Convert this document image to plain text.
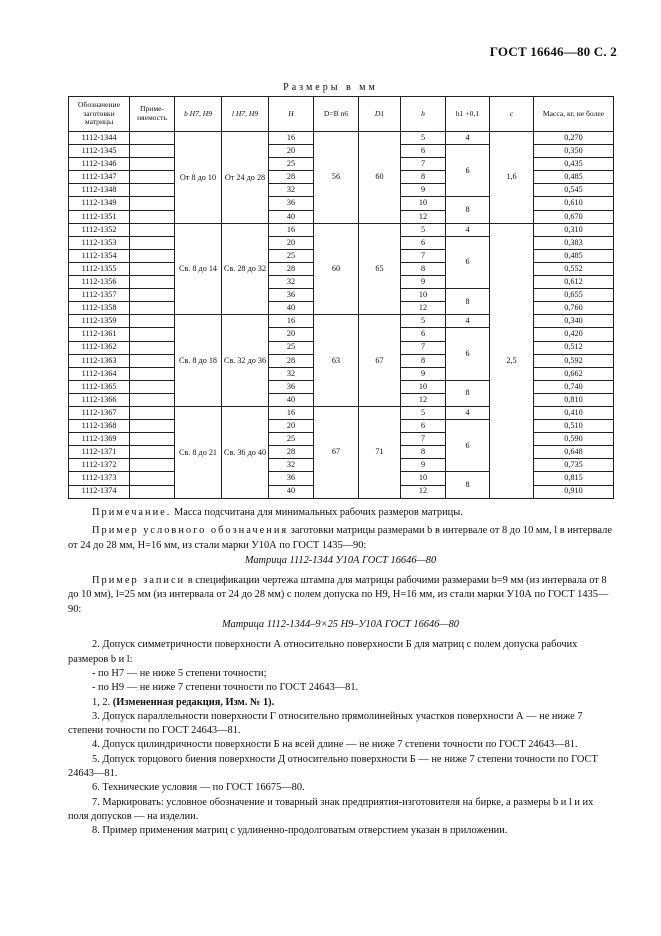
ГОСТ 16646—80 С. 2
Размеры в мм
Обозначение заготовки матрицы	Приме- няемость	b Н7, Н9	l Н7, Н9	Н	D=B n6	D1	h	h1 +0,1	c	Масса, кг, не более
1112-1344		От 8 до 10	От 24 до 28	16	56	60	5	4	1,6	0,270
1112-1345				20			6	6		0,350
1112-1346				25			7			0,435
1112-1347				28			8			0,485
1112-1348				32			9			0,545
1112-1349				36			10	8		0,610
1112-1351				40			12			0,670
1112-1352		Св. 8 до 14	Св. 28 до 32	16	60	65	5	4	2,5	0,310
1112-1353				20			6	6		0,383
1112-1354				25			7			0,485
1112-1355				28			8			0,552
1112-1356				32			9			0,612
1112-1357				36			10	8		0,655
1112-1358				40			12			0,760
1112-1359		Св. 8 до 18	Св. 32 до 36	16	63	67	5	4		0,340
1112-1361				20			6	6		0,420
1112-1362				25			7			0,512
1112-1363				28			8			0,592
1112-1364				32			9			0,662
1112-1365				36			10	8		0,740
1112-1366				40			12			0,810
1112-1367		Св. 8 до 21	Св. 36 до 40	16	67	71	5	4		0,410
1112-1368				20			6	6		0,510
1112-1369				25			7			0,590
1112-1371				28			8			0,648
1112-1372				32			9			0,735
1112-1373				36			10	8		0,815
1112-1374				40			12			0,910

Примечание. Масса подсчитана для минимальных рабочих размеров матрицы.

Пример условного обозначения заготовки матрицы размерами b в интервале от 8 до 10 мм, l в интервале от 24 до 28 мм, H=16 мм, из стали марки У10А по ГОСТ 1435—90:

Матрица 1112-1344 У10А ГОСТ 16646—80

Пример записи в спецификации чертежа штампа для матрицы рабочими размерами b=9 мм (из интервала от 8 до 10 мм), l=25 мм (из интервала от 24 до 28 мм) с полем допуска по Н9, H=16 мм, из стали марки У10А по ГОСТ 1435—90:

Матрица 1112-1344–9×25 Н9–У10А ГОСТ 16646—80

2. Допуск симметричности поверхности А относительно поверхности Б для матриц с полем допуска рабочих размеров b и l:

- по Н7 — не ниже 5 степени точности;

- по Н9 — не ниже 7 степени точности по ГОСТ 24643—81.

1, 2. (Измененная редакция, Изм. № 1).

3. Допуск параллельности поверхности Г относительно прямолинейных участков поверхности А — не ниже 7 степени точности по ГОСТ 24643—81.

4. Допуск цилиндричности поверхности Б на всей длине — не ниже 7 степени точности по ГОСТ 24643—81.

5. Допуск торцового биения поверхности Д относительно поверхности Б — не ниже 7 степени точности по ГОСТ 24643—81.

6. Технические условия — по ГОСТ 16675—80.

7. Маркировать: условное обозначение и товарный знак предприятия-изготовителя на бирке, а размеры b и l и их поля допусков — на изделии.

8. Пример применения матриц с удлиненно-продолговатым отверстием указан в приложении.
